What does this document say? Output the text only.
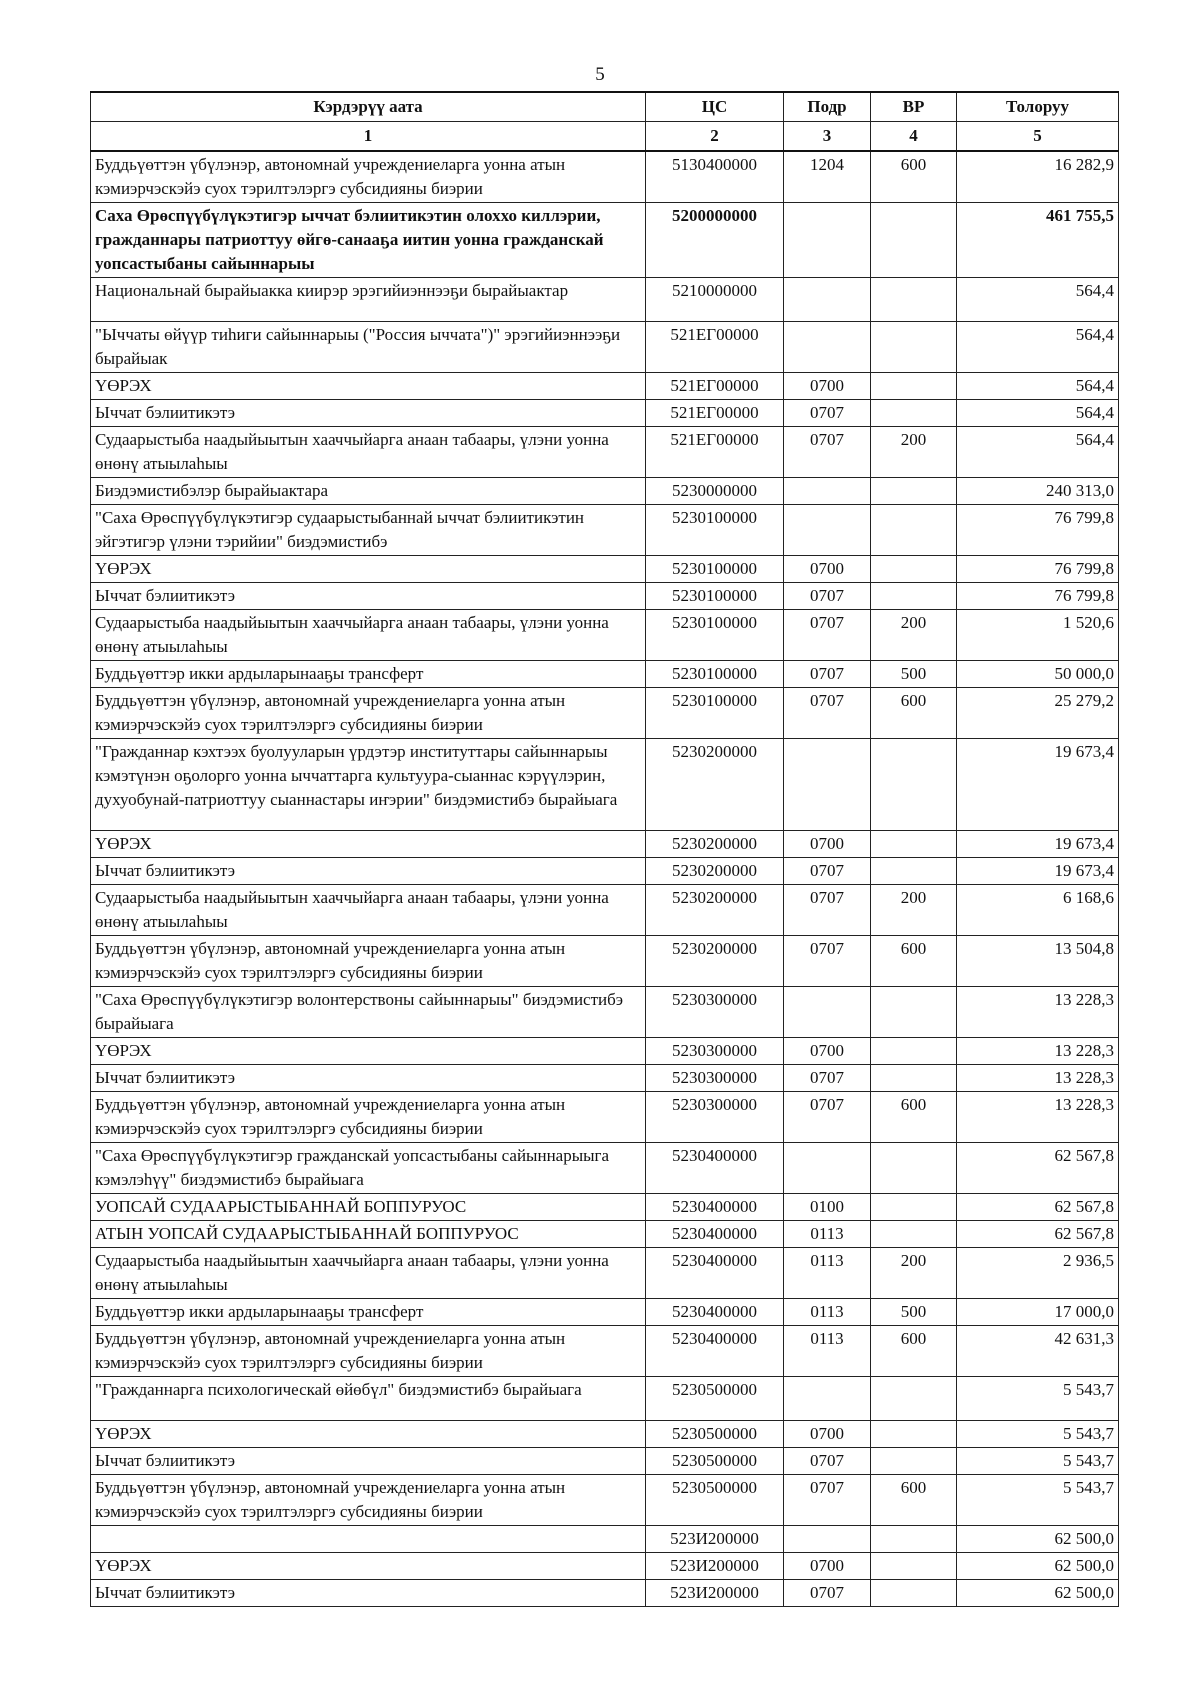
5
Кэрдэрүү аата	ЦС	Подр	ВР	Толоруу
1	2	3	4	5
Буддьүөттэн үбүлэнэр, автономнай учреждениеларга уонна атын кэмиэрчэскэйэ суох тэрилтэлэргэ субсидияны биэрии	5130400000	1204	600	16 282,9
Саха Өрөспүүбүлүкэтигэр ыччат бэлиитикэтин олоххо киллэрии, гражданнары патриоттуу өйгө-санааҕа иитин уонна гражданскай уопсастыбаны сайыннарыы	5200000000			461 755,5
Национальнай бырайыакка киирэр эрэгийиэннээҕи бырайыактар	5210000000			564,4
"Ыччаты өйүүр тиһиги сайыннарыы ("Россия ыччата")" эрэгийиэннээҕи бырайыак	521ЕГ00000			564,4
ҮӨРЭХ	521ЕГ00000	0700		564,4
Ыччат бэлиитикэтэ	521ЕГ00000	0707		564,4
Судаарыстыба наадыйыытын хааччыйарга анаан табаары, үлэни уонна өнөнү атыылаһыы	521ЕГ00000	0707	200	564,4
Биэдэмистибэлэр бырайыактара	5230000000			240 313,0
"Саха Өрөспүүбүлүкэтигэр судаарыстыбаннай ыччат бэлиитикэтин эйгэтигэр үлэни тэрийии" биэдэмистибэ	5230100000			76 799,8
ҮӨРЭХ	5230100000	0700		76 799,8
Ыччат бэлиитикэтэ	5230100000	0707		76 799,8
Судаарыстыба наадыйыытын хааччыйарга анаан табаары, үлэни уонна өнөнү атыылаһыы	5230100000	0707	200	1 520,6
Буддьүөттэр икки ардыларынааҕы трансферт	5230100000	0707	500	50 000,0
Буддьүөттэн үбүлэнэр, автономнай учреждениеларга уонна атын кэмиэрчэскэйэ суох тэрилтэлэргэ субсидияны биэрии	5230100000	0707	600	25 279,2
"Гражданнар кэхтээх буолууларын үрдэтэр институттары сайыннарыы кэмэтүнэн оҕолорго уонна ыччаттарга культуура-сыаннас кэрүүлэрин, духуобунай-патриоттуу сыаннастары иҥэрии" биэдэмистибэ бырайыага	5230200000			19 673,4
ҮӨРЭХ	5230200000	0700		19 673,4
Ыччат бэлиитикэтэ	5230200000	0707		19 673,4
Судаарыстыба наадыйыытын хааччыйарга анаан табаары, үлэни уонна өнөнү атыылаһыы	5230200000	0707	200	6 168,6
Буддьүөттэн үбүлэнэр, автономнай учреждениеларга уонна атын кэмиэрчэскэйэ суох тэрилтэлэргэ субсидияны биэрии	5230200000	0707	600	13 504,8
"Саха Өрөспүүбүлүкэтигэр волонтерствоны сайыннарыы" биэдэмистибэ бырайыага	5230300000			13 228,3
ҮӨРЭХ	5230300000	0700		13 228,3
Ыччат бэлиитикэтэ	5230300000	0707		13 228,3
Буддьүөттэн үбүлэнэр, автономнай учреждениеларга уонна атын кэмиэрчэскэйэ суох тэрилтэлэргэ субсидияны биэрии	5230300000	0707	600	13 228,3
"Саха Өрөспүүбүлүкэтигэр гражданскай уопсастыбаны сайыннарыыга кэмэлэһүү" биэдэмистибэ бырайыага	5230400000			62 567,8
УОПСАЙ СУДААРЫСТЫБАННАЙ БОППУРУОС	5230400000	0100		62 567,8
АТЫН УОПСАЙ СУДААРЫСТЫБАННАЙ БОППУРУОС	5230400000	0113		62 567,8
Судаарыстыба наадыйыытын хааччыйарга анаан табаары, үлэни уонна өнөнү атыылаһыы	5230400000	0113	200	2 936,5
Буддьүөттэр икки ардыларынааҕы трансферт	5230400000	0113	500	17 000,0
Буддьүөттэн үбүлэнэр, автономнай учреждениеларга уонна атын кэмиэрчэскэйэ суох тэрилтэлэргэ субсидияны биэрии	5230400000	0113	600	42 631,3
"Гражданнарга психологическай өйөбүл" биэдэмистибэ бырайыага	5230500000			5 543,7
ҮӨРЭХ	5230500000	0700		5 543,7
Ыччат бэлиитикэтэ	5230500000	0707		5 543,7
Буддьүөттэн үбүлэнэр, автономнай учреждениеларга уонна атын кэмиэрчэскэйэ суох тэрилтэлэргэ субсидияны биэрии	5230500000	0707	600	5 543,7
	523И200000			62 500,0
ҮӨРЭХ	523И200000	0700		62 500,0
Ыччат бэлиитикэтэ	523И200000	0707		62 500,0
